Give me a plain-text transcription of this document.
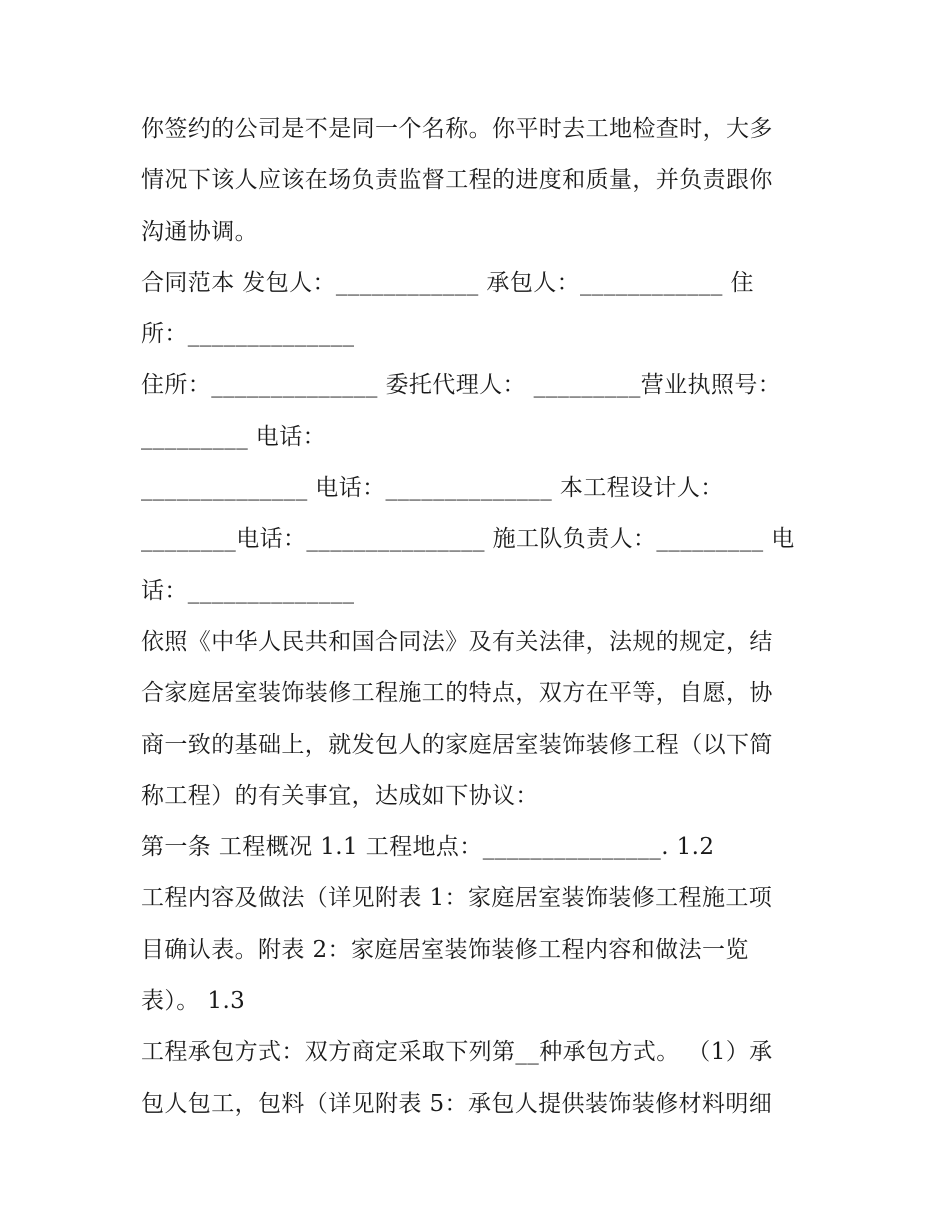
你签约的公司是不是同一个名称。你平时去工地检查时，大多
情况下该人应该在场负责监督工程的进度和质量，并负责跟你
沟通协调。
合同范本 发包人：____________ 承包人：____________ 住
所：______________
住所：______________ 委托代理人： _________营业执照号：
_________ 电话：
______________ 电话：______________ 本工程设计人：
________电话：_______________ 施工队负责人：_________ 电
话：______________
依照《中华人民共和国合同法》及有关法律，法规的规定，结
合家庭居室装饰装修工程施工的特点，双方在平等，自愿，协
商一致的基础上，就发包人的家庭居室装饰装修工程（以下简
称工程）的有关事宜，达成如下协议：
第一条 工程概况 1.1 工程地点：_______________. 1.2
工程内容及做法（详见附表 1：家庭居室装饰装修工程施工项
目确认表。附表 2：家庭居室装饰装修工程内容和做法一览
表）。 1.3
工程承包方式：双方商定采取下列第__种承包方式。 （1）承
包人包工，包料（详见附表 5：承包人提供装饰装修材料明细
